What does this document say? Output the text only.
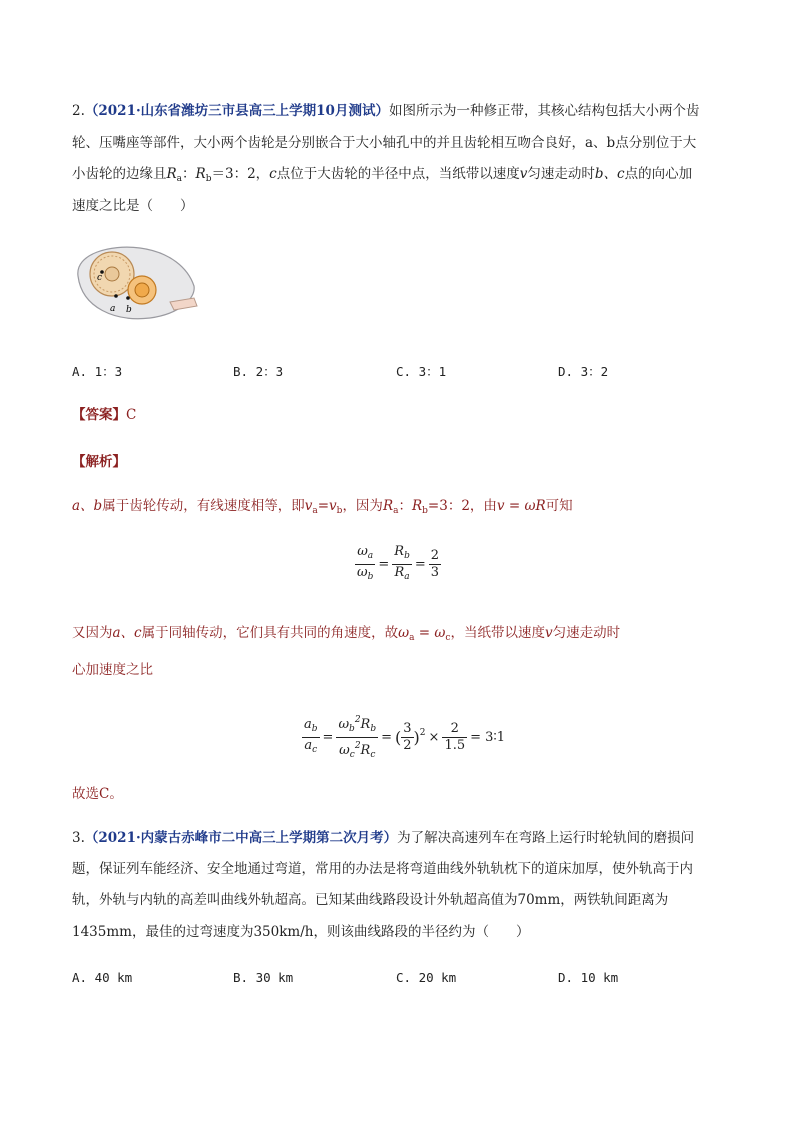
2.（2021·山东省潍坊三市县高三上学期10月测试）如图所示为一种修正带，其核心结构包括大小两个齿
轮、压嘴座等部件，大小两个齿轮是分别嵌合于大小轴孔中的并且齿轮相互吻合良好，a、b点分别位于大
小齿轮的边缘且$R_a$：$R_b=3$：2，c点位于大齿轮的半径中点，当纸带以速度v匀速走动时b、c点的向心加
速度之比是（　　）
c
a b
A. 1：3	B. 2：3	C. 3：1	D. 3：2
【答案】C
【解析】
a、b属于齿轮传动，有线速度相等，即$v_a=v_b$，因为$R_a$：$R_b=3$：2，由v = ωR可知
$\frac{\omega_a}{\omega_b} = \frac{R_b}{R_a} = \frac{2}{3}$
又因为a、c属于同轴传动，它们具有共同的角速度，故$\omega_a = \omega_c$，当纸带以速度v匀速走动时
心加速度之比
$\frac{a_b}{a_c} = \frac{\omega_b^2R_b}{\omega_c^2R_c}$ = ( $\frac{3}{2} )^2 \times \frac{2}{1.5}$ = 3∶1
故选C。
3.（2021·内蒙古赤峰市二中高三上学期第二次月考）为了解决高速列车在弯路上运行时轮轨间的磨损问
题，保证列车能经济、安全地通过弯道，常用的办法是将弯道曲线外轨轨枕下的道床加厚，使外轨高于内
轨，外轨与内轨的高差叫曲线外轨超高。已知某曲线路段设计外轨超高值为70mm，两铁轨间距离为
1435mm，最佳的过弯速度为350km/h，则该曲线路段的半径约为（　　）
A. 40 km	B. 30 km	C. 20 km	D. 10 km
